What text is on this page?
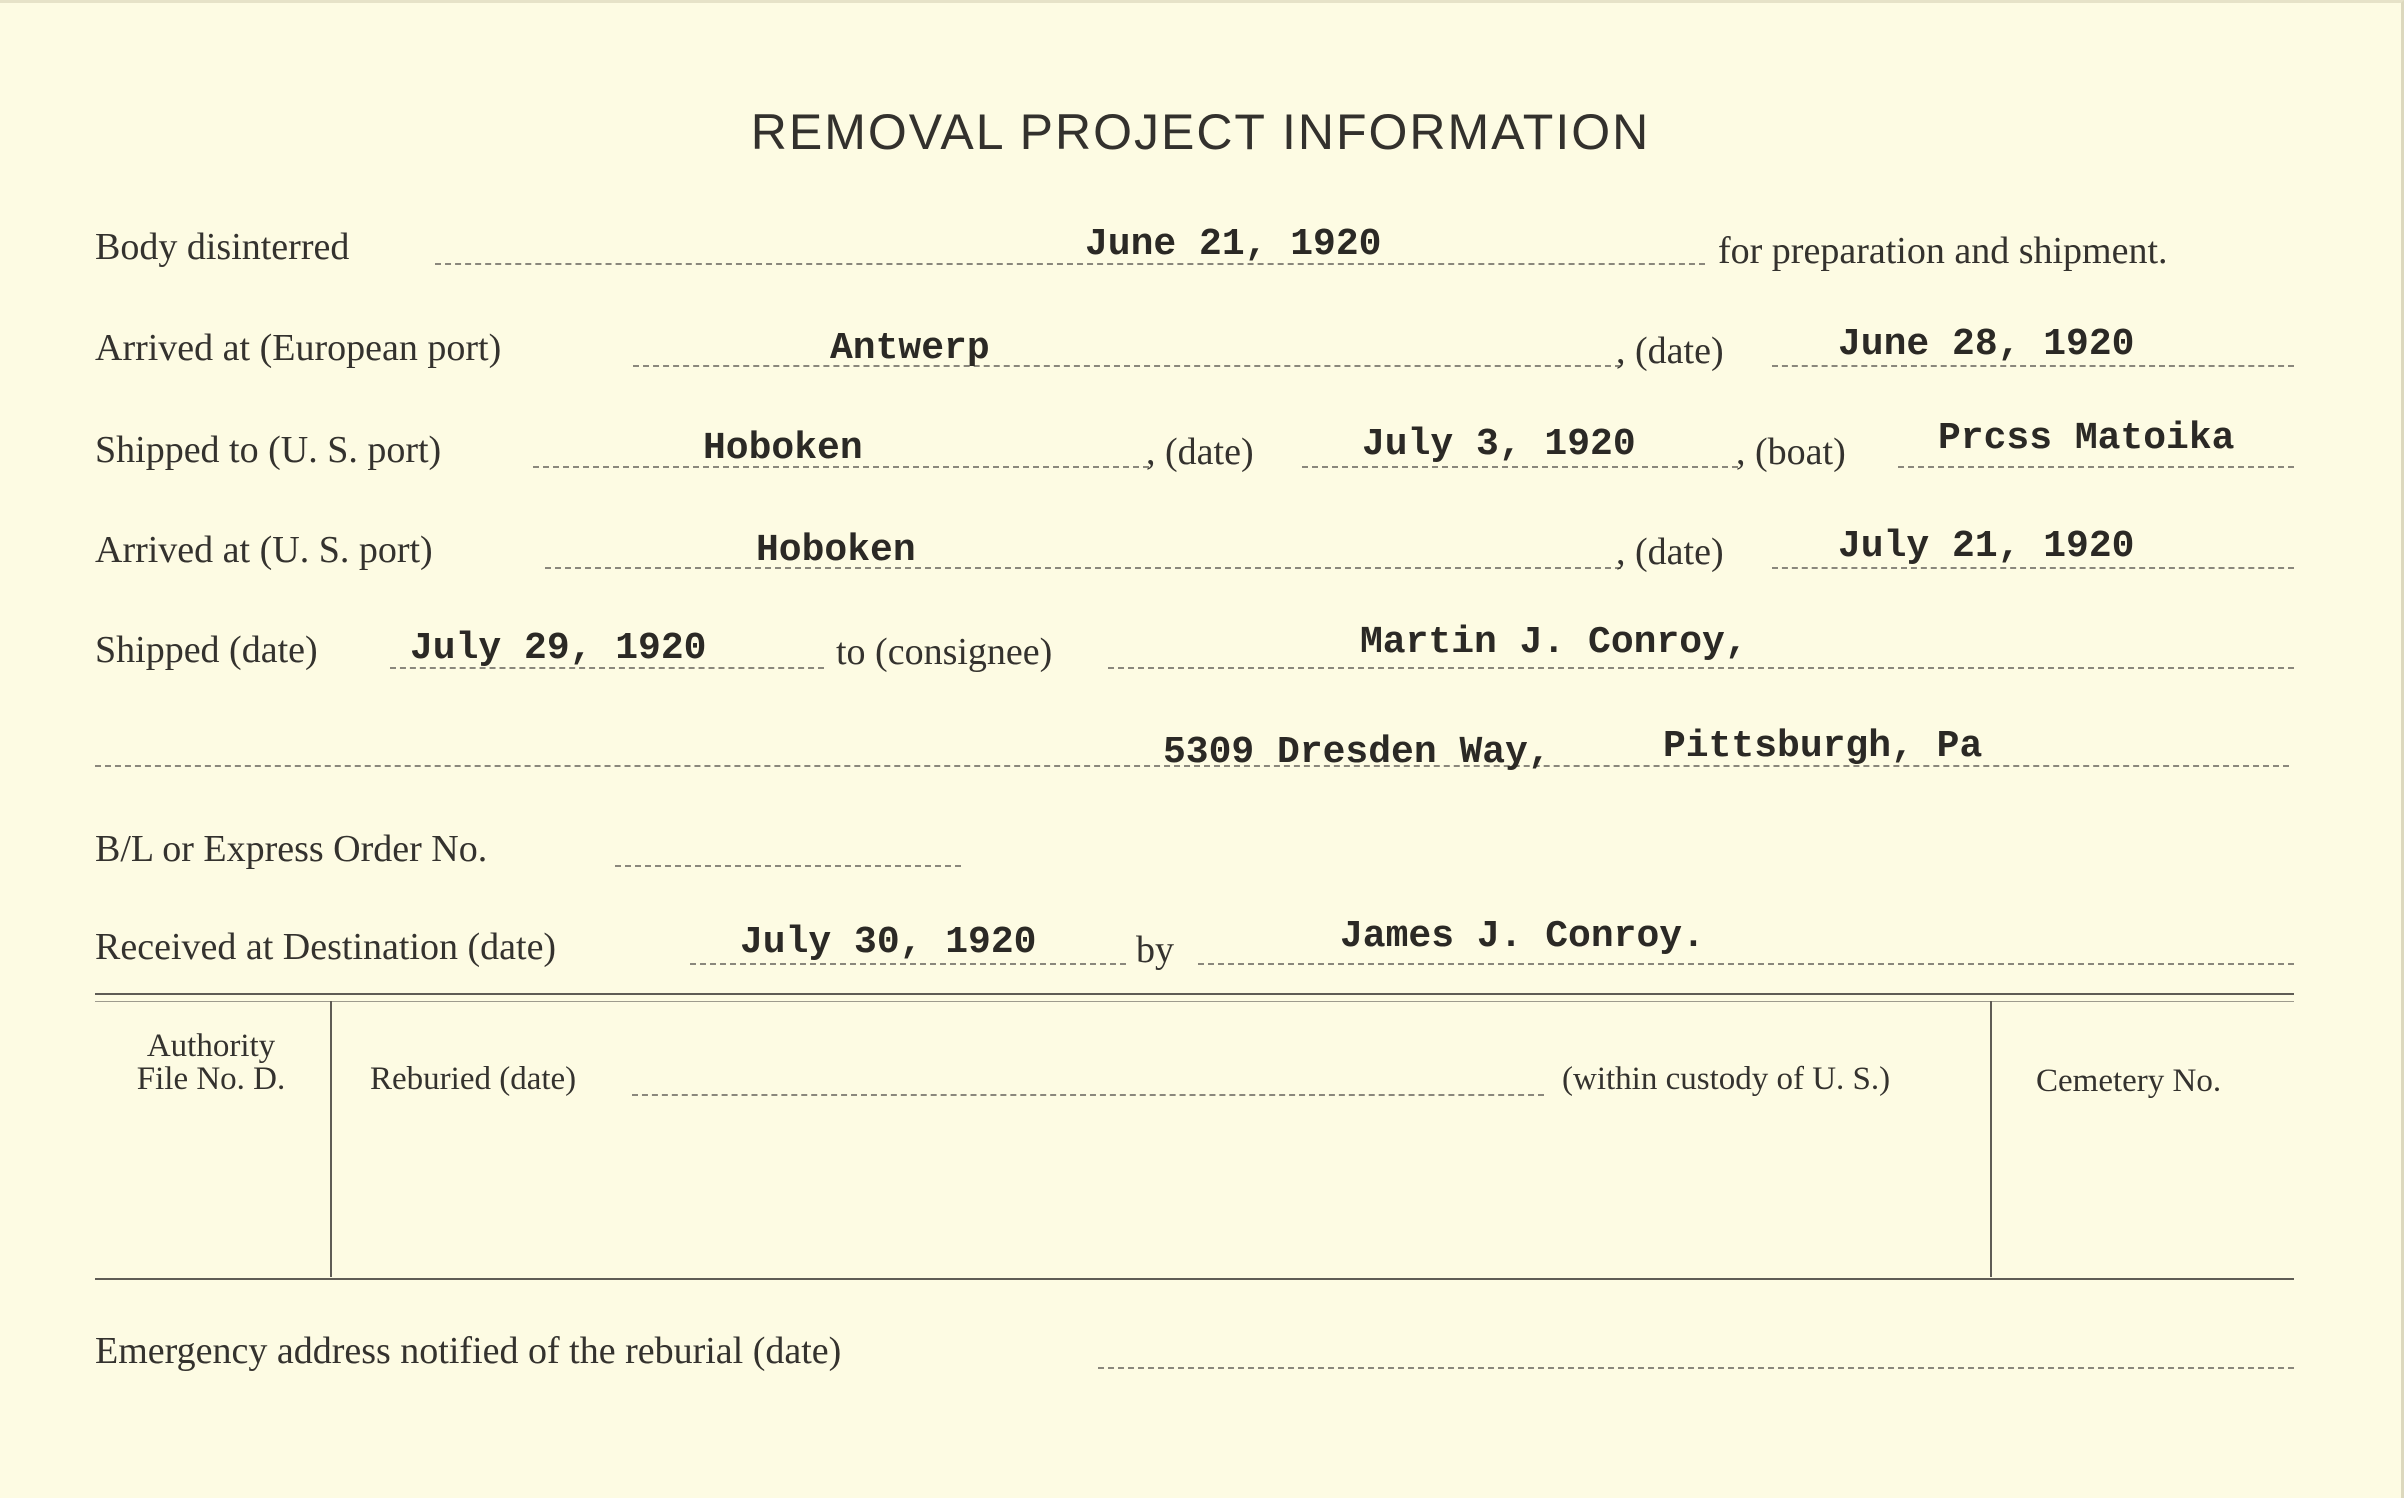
REMOVAL PROJECT INFORMATION
Body disinterred	June 21, 1920	for preparation and shipment.
Arrived at (European port)	Antwerp	, (date)	June 28, 1920
Shipped to (U. S. port)	Hoboken	, (date)	July 3, 1920	, (boat) Prcss Matoika
Arrived at (U. S. port)	Hoboken	, (date)	July 21, 1920
Shipped (date) July 29, 1920	to (consignee)	Martin J. Conroy,
5309 Dresden Way,	Pittsburgh, Pa
B/L or Express Order No.
Received at Destination (date)	July 30, 1920	by	James J. Conroy.
Authority
File No. D.	Reburied (date)	(within custody of U. S.)	Cemetery No.
Emergency address notified of the reburial (date)
